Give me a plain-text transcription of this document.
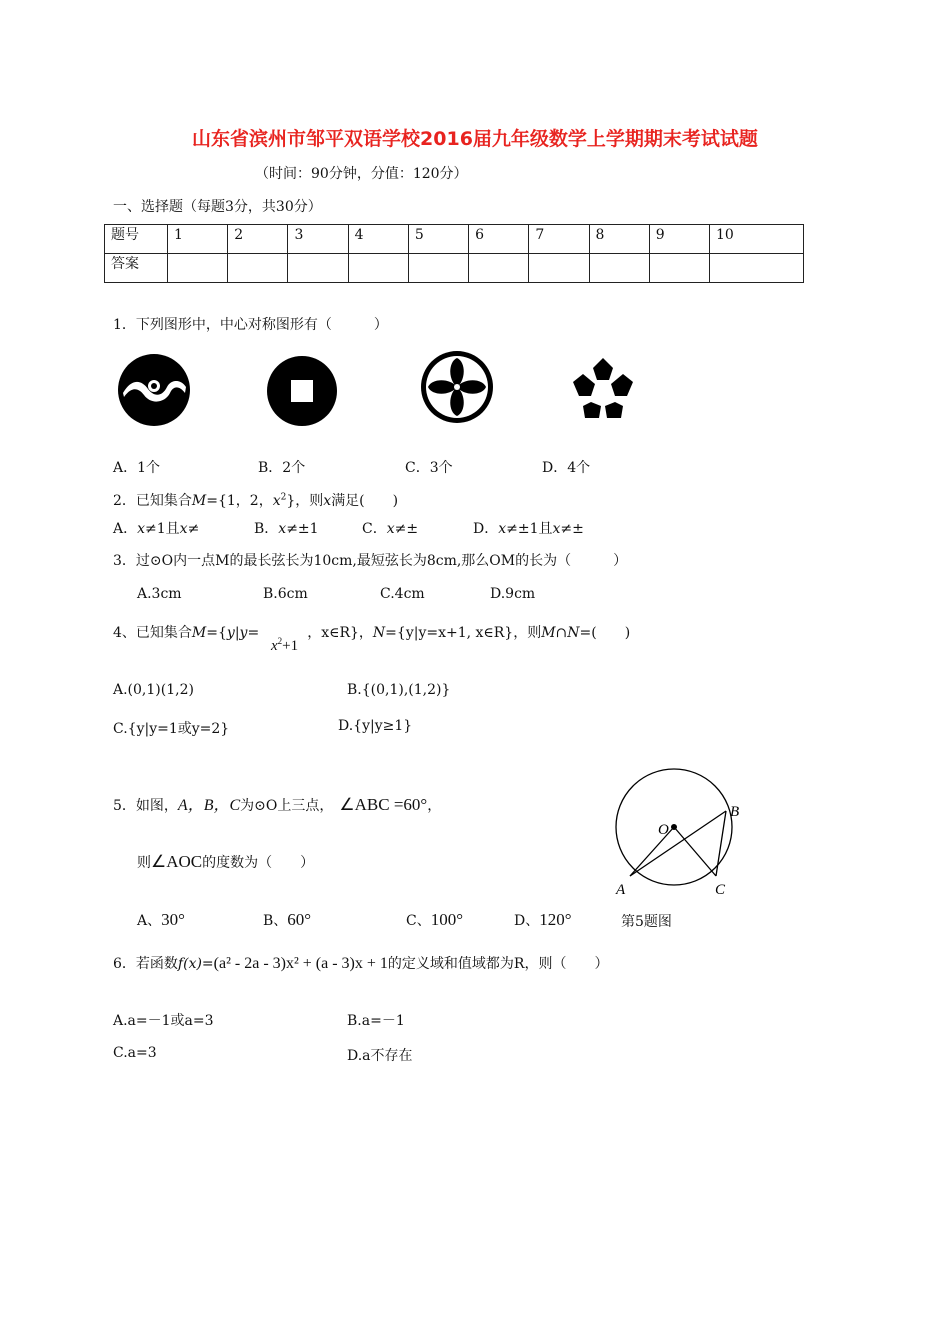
山东省滨州市邹平双语学校2016届九年级数学上学期期末考试试题
（时间：90分钟，分值：120分）
一、选择题（每题3分，共30分）
题号	1	2	3	4	5	6	7	8	9	10
答案										
1．下列图形中，中心对称图形有（　　　）
A．1个	B．2个	C．3个	D．4个
2．已知集合M={1，2，$x^2$}，则x满足(　　)
A．x≠1且x≠	B．x≠±1	C．x≠±	D．x≠±1且x≠±
3．过⊙O内一点M的最长弦长为10cm,最短弦长为8cm,那么OM的长为（　　　）
A.3cm	B.6cm	C.4cm	D.9cm
4、已知集合M={y|y=	，x∈R}，N={y|y=x+1, x∈R}，则M∩N=(　　)
$x^2+1$
A.(0,1)(1,2)	B.{(0,1),(1,2)}
C.{y|y=1或y=2}	D.{y|y≥1}
5．如图，A，B，C为⊙O上三点， ∠ABC =60°，
则∠AOC的度数为（　　）
A、30°	B、60°	C、100°	D、120°	第5题图
O
B
A	C
6．若函数f(x)=(a² - 2a - 3)x² + (a - 3)x + 1的定义域和值域都为R，则（　　）
A.a=－1或a=3	B.a=－1
C.a=3	D.a不存在
